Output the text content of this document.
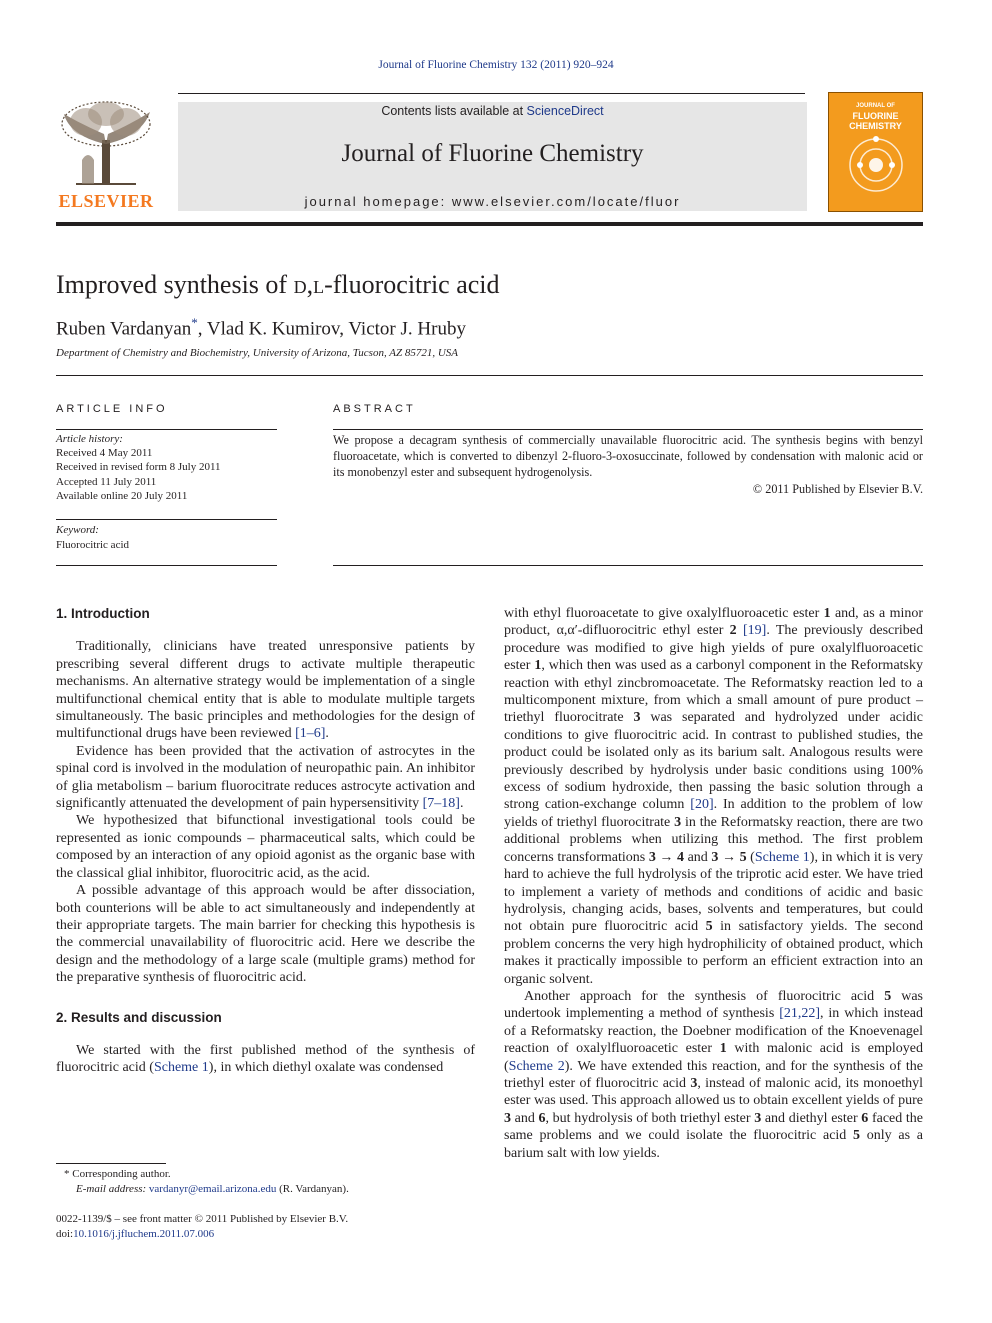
Journal of Fluorine Chemistry 132 (2011) 920–924
ELSEVIER
Contents lists available at ScienceDirect
Journal of Fluorine Chemistry
journal homepage: www.elsevier.com/locate/fluor
JOURNAL OF
FLUORINE
CHEMISTRY
Improved synthesis of d,l-fluorocitric acid
Ruben Vardanyan*, Vlad K. Kumirov, Victor J. Hruby
Department of Chemistry and Biochemistry, University of Arizona, Tucson, AZ 85721, USA
ARTICLE INFO
Article history:
Received 4 May 2011
Received in revised form 8 July 2011
Accepted 11 July 2011
Available online 20 July 2011
Keyword:
Fluorocitric acid
ABSTRACT
We propose a decagram synthesis of commercially unavailable fluorocitric acid. The synthesis begins with benzyl fluoroacetate, which is converted to dibenzyl 2-fluoro-3-oxosuccinate, followed by condensation with malonic acid or its monobenzyl ester and subsequent hydrogenolysis.
© 2011 Published by Elsevier B.V.
1. Introduction

Traditionally, clinicians have treated unresponsive patients by prescribing several different drugs to activate multiple therapeutic mechanisms. An alternative strategy would be implementation of a single multifunctional chemical entity that is able to modulate multiple targets simultaneously. The basic principles and methodologies for the design of multifunctional drugs have been reviewed [1–6].

Evidence has been provided that the activation of astrocytes in the spinal cord is involved in the modulation of neuropathic pain. An inhibitor of glia metabolism – barium fluorocitrate reduces astrocyte activation and significantly attenuated the development of pain hypersensitivity [7–18].

We hypothesized that bifunctional investigational tools could be represented as ionic compounds – pharmaceutical salts, which could be composed by an interaction of any opioid agonist as the organic base with the classical glial inhibitor, fluorocitric acid, as the acid.

A possible advantage of this approach would be after dissociation, both counterions will be able to act simultaneously and independently at their appropriate targets. The main barrier for checking this hypothesis is the commercial unavailability of fluorocitric acid. Here we describe the design and the methodology of a large scale (multiple grams) method for the preparative synthesis of fluorocitric acid.

2. Results and discussion

We started with the first published method of the synthesis of fluorocitric acid (Scheme 1), in which diethyl oxalate was condensed

with ethyl fluoroacetate to give oxalylfluoroacetic ester 1 and, as a minor product, α,α′-difluorocitric ethyl ester 2 [19]. The previously described procedure was modified to give high yields of pure oxalylfluoroacetic ester 1, which then was used as a carbonyl component in the Reformatsky reaction with ethyl zincbromoacetate. The Reformatsky reaction led to a multicomponent mixture, from which a small amount of pure product – triethyl fluorocitrate 3 was separated and hydrolyzed under acidic conditions to give fluorocitric acid. In contrast to published studies, the product could be isolated only as its barium salt. Analogous results were previously described by hydrolysis under basic conditions using 100% excess of sodium hydroxide, then passing the basic solution through a strong cation-exchange column [20]. In addition to the problem of low yields of triethyl fluorocitrate 3 in the Reformatsky reaction, there are two additional problems when utilizing this method. The first problem concerns transformations 3 → 4 and 3 → 5 (Scheme 1), in which it is very hard to achieve the full hydrolysis of the triprotic acid ester. We have tried to implement a variety of methods and conditions of acidic and basic hydrolysis, changing acids, bases, solvents and temperatures, but could not obtain pure fluorocitric acid 5 in satisfactory yields. The second problem concerns the very high hydrophilicity of obtained product, which makes it practically impossible to perform an efficient extraction into an organic solvent.

Another approach for the synthesis of fluorocitric acid 5 was undertook implementing a method of synthesis [21,22], in which instead of a Reformatsky reaction, the Doebner modification of the Knoevenagel reaction of oxalylfluoroacetic ester 1 with malonic acid is employed (Scheme 2). We have extended this reaction, and for the synthesis of the triethyl ester of fluorocitric acid 3, instead of malonic acid, its monoethyl ester was used. This approach allowed us to obtain excellent yields of pure 3 and 6, but hydrolysis of both triethyl ester 3 and diethyl ester 6 faced the same problems and we could isolate the fluorocitric acid 5 only as a barium salt with low yields.

* Corresponding author.
E-mail address: vardanyr@email.arizona.edu (R. Vardanyan).
0022-1139/$ – see front matter © 2011 Published by Elsevier B.V.
doi:10.1016/j.jfluchem.2011.07.006
